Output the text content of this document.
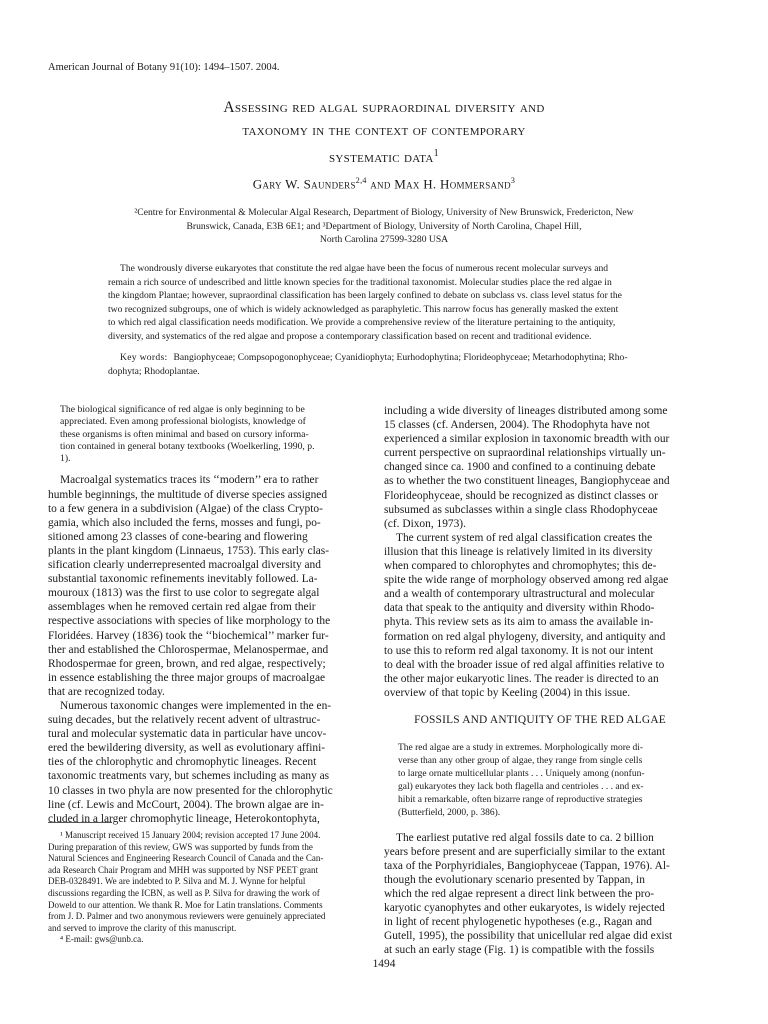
American Journal of Botany 91(10): 1494–1507. 2004.
Assessing red algal supraordinal diversity and
taxonomy in the context of contemporary
systematic data$^1$
Gary W. Saunders$^{2,4}$ and Max H. Hommersand$^3$
²Centre for Environmental & Molecular Algal Research, Department of Biology, University of New Brunswick, Fredericton, New
Brunswick, Canada, E3B 6E1; and ³Department of Biology, University of North Carolina, Chapel Hill,
North Carolina 27599-3280 USA
The wondrously diverse eukaryotes that constitute the red algae have been the focus of numerous recent molecular surveys and
remain a rich source of undescribed and little known species for the traditional taxonomist. Molecular studies place the red algae in
the kingdom Plantae; however, supraordinal classification has been largely confined to debate on subclass vs. class level status for the
two recognized subgroups, one of which is widely acknowledged as paraphyletic. This narrow focus has generally masked the extent
to which red algal classification needs modification. We provide a comprehensive review of the literature pertaining to the antiquity,
diversity, and systematics of the red algae and propose a contemporary classification based on recent and traditional evidence.
Key words: Bangiophyceae; Compsopogonophyceae; Cyanidiophyta; Eurhodophytina; Florideophyceae; Metarhodophytina; Rho-
dophyta; Rhodoplantae.
The biological significance of red algae is only beginning to be
appreciated. Even among professional biologists, knowledge of
these organisms is often minimal and based on cursory informa-
tion contained in general botany textbooks (Woelkerling, 1990, p.
1).
Macroalgal systematics traces its ‘‘modern’’ era to rather
humble beginnings, the multitude of diverse species assigned
to a few genera in a subdivision (Algae) of the class Crypto-
gamia, which also included the ferns, mosses and fungi, po-
sitioned among 23 classes of cone-bearing and flowering
plants in the plant kingdom (Linnaeus, 1753). This early clas-
sification clearly underrepresented macroalgal diversity and
substantial taxonomic refinements inevitably followed. La-
mouroux (1813) was the first to use color to segregate algal
assemblages when he removed certain red algae from their
respective associations with species of like morphology to the
Floridées. Harvey (1836) took the ‘‘biochemical’’ marker fur-
ther and established the Chlorospermae, Melanospermae, and
Rhodospermae for green, brown, and red algae, respectively;
in essence establishing the three major groups of macroalgae
that are recognized today.
Numerous taxonomic changes were implemented in the en-
suing decades, but the relatively recent advent of ultrastruc-
tural and molecular systematic data in particular have uncov-
ered the bewildering diversity, as well as evolutionary affini-
ties of the chlorophytic and chromophytic lineages. Recent
taxonomic treatments vary, but schemes including as many as
10 classes in two phyla are now presented for the chlorophytic
line (cf. Lewis and McCourt, 2004). The brown algae are in-
cluded in a larger chromophytic lineage, Heterokontophyta,
¹ Manuscript received 15 January 2004; revision accepted 17 June 2004.
During preparation of this review, GWS was supported by funds from the
Natural Sciences and Engineering Research Council of Canada and the Can-
ada Research Chair Program and MHH was supported by NSF PEET grant
DEB-0328491. We are indebted to P. Silva and M. J. Wynne for helpful
discussions regarding the ICBN, as well as P. Silva for drawing the work of
Doweld to our attention. We thank R. Moe for Latin translations. Comments
from J. D. Palmer and two anonymous reviewers were genuinely appreciated
and served to improve the clarity of this manuscript.
⁴ E-mail: gws@unb.ca.
including a wide diversity of lineages distributed among some
15 classes (cf. Andersen, 2004). The Rhodophyta have not
experienced a similar explosion in taxonomic breadth with our
current perspective on supraordinal relationships virtually un-
changed since ca. 1900 and confined to a continuing debate
as to whether the two constituent lineages, Bangiophyceae and
Florideophyceae, should be recognized as distinct classes or
subsumed as subclasses within a single class Rhodophyceae
(cf. Dixon, 1973).
The current system of red algal classification creates the
illusion that this lineage is relatively limited in its diversity
when compared to chlorophytes and chromophytes; this de-
spite the wide range of morphology observed among red algae
and a wealth of contemporary ultrastructural and molecular
data that speak to the antiquity and diversity within Rhodo-
phyta. This review sets as its aim to amass the available in-
formation on red algal phylogeny, diversity, and antiquity and
to use this to reform red algal taxonomy. It is not our intent
to deal with the broader issue of red algal affinities relative to
the other major eukaryotic lines. The reader is directed to an
overview of that topic by Keeling (2004) in this issue.
FOSSILS AND ANTIQUITY OF THE RED ALGAE
The red algae are a study in extremes. Morphologically more di-
verse than any other group of algae, they range from single cells
to large ornate multicellular plants . . . Uniquely among (nonfun-
gal) eukaryotes they lack both flagella and centrioles . . . and ex-
hibit a remarkable, often bizarre range of reproductive strategies
(Butterfield, 2000, p. 386).
The earliest putative red algal fossils date to ca. 2 billion
years before present and are superficially similar to the extant
taxa of the Porphyridiales, Bangiophyceae (Tappan, 1976). Al-
though the evolutionary scenario presented by Tappan, in
which the red algae represent a direct link between the pro-
karyotic cyanophytes and other eukaryotes, is widely rejected
in light of recent phylogenetic hypotheses (e.g., Ragan and
Gutell, 1995), the possibility that unicellular red algae did exist
at such an early stage (Fig. 1) is compatible with the fossils
1494
